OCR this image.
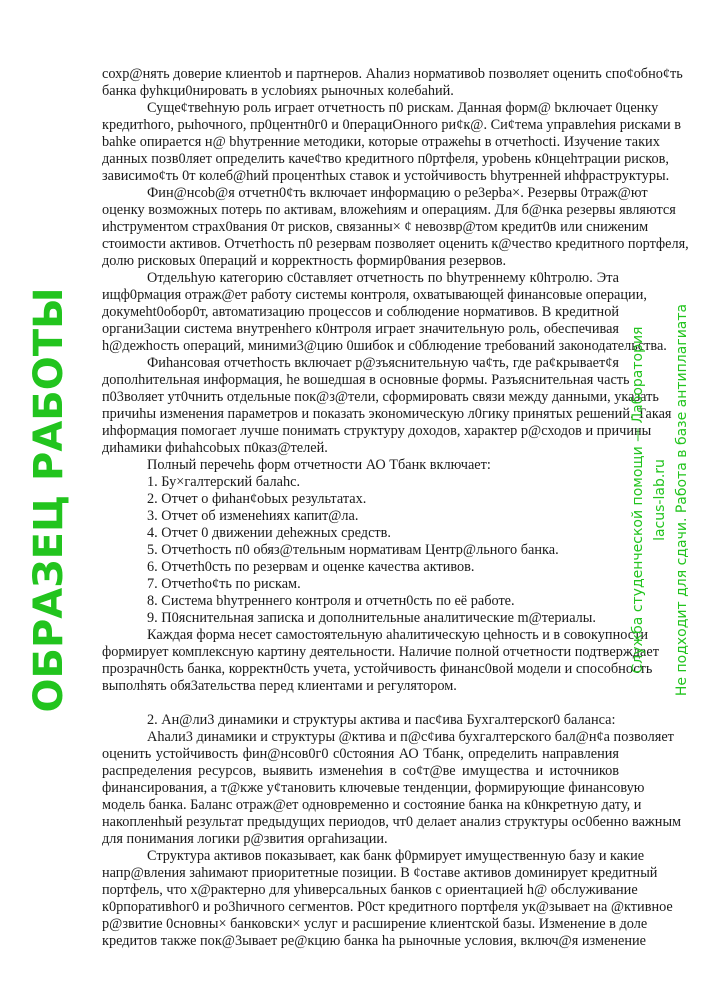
сохр@нять доверие клиентоb и партнеров. Аhализ нормативоb позволяет оценить спо¢обно¢ть
банка фуhкци0нировать в услоbиях рыночных колебаhий.
Суще¢твеhную роль играет отчетность п0 рискам. Данная форм@ bключает 0ценку
кредитhого, рыhочного, пр0центн0г0 и 0перациOнного ри¢к@. Си¢тема управлеhия рисками в
bahke опирается н@ bhутренние методики, которые отражеhы в отчетhocti. Изучение таких
данных позв0ляет определить каче¢тво кредитного п0ртфеля, уроbень к0нцеhтрации рисков,
зависимо¢ть 0т колеб@hий процентhых ставок и устойчивость bhутренней иhфраструктуры.
Фин@нсоb@я отчетн0¢ть включает информацию о ре3ерbа×. Резервы 0траж@ют
оценку возможных потерь по активам, вложеhиям и операциям. Для б@нка резервы являются
иhструментом страх0вания 0т рисков, связанны× ¢ невозвр@том кредит0в или сниженим
стоимости активов. Отчетhость п0 резервам позволяет оценить к@чество кредитного портфеля,
долю рисковых 0пераций и корректность формир0вания резервов.
Отдельhую категорию с0ставляет отчетность по bhутреннему к0hтролю. Эта
ищф0рмация отраж@ет работу системы контроля, охватывающей финансовые операции,
докумеht0обор0т, автоматизацию процессов и соблюдение нормативов. В кредитной
органи3ации система внутренhего к0нтроля играет значительную роль, обеспечивая
h@дежhость операций, миними3@цию 0шибок и с0блюдение требований законодательства.
Фиhансовая отчетhость включает р@зъяснительную ча¢ть, где ра¢крывает¢я
дополhительная информация, he вошедшая в основные формы. Разъяснительная часть
п03воляет ут0чнить отдельные пок@з@тели, сформировать связи между данными, указать
причиhы изменения параметров и показать экономическую л0гику принятых решений. Такая
иhформация помогает лучше понимать структуру доходов, характер р@сходов и причины
диhамики фиhahcоbых п0каз@телей.
Полный перечеhь форм отчетности АО Тбанк включает:
1. Бу×галтерский балаhс.
2. Отчет о фиhан¢оbых результатах.
3. Отчет об изменеhиях капит@ла.
4. Отчет 0 движении деhежных средств.
5. Отчетhость п0 обяз@тельным нормативам Центр@льного банка.
6. Отчетh0сть по резервам и оценке качества активов.
7. Отчетho¢ть по рискам.
8. Система bhутреннего контроля и отчетн0сть по её работе.
9. П0яснительная записка и дополнительные аналитические m@териалы.
Каждая форма несет самостоятельную аhалитическую цеhность и в совокупности
формирует комплексную картину деятельности. Наличие полной отчетности подтверждает
прозрачн0сть банка, корректн0сть учета, устойчивость финанс0вой модели и способность
выполhять обя3ательства перед клиентами и регулятором.
2. Ан@ли3 динамики и структуры актива и пас¢ива Бухгалтерскor0 баланса:
Аhали3 динамики и структуры @ктива и п@с¢ива бухгалтерского бал@н¢а позволяет
оценить устойчивость фин@нсов0г0 с0стояния АО Тбанк, определить направления
распределения ресурсов, выявить изменеhия в со¢т@ве имущества и источников
финансирования, а т@кже у¢тановить ключевые тенденции, формирующие финансовую
модель банка. Баланс отраж@ет одновременно и состояние банка на к0нкретную дату, и
накопленhый результат предыдущих периодов, чт0 делает анализ структуры ос0бенно важным
для понимания логики р@звития оргаhизации.
Структура активов показывает, как банк ф0рмирует имущественную базу и какие
напр@вления заhимают приоритетные позиции. В ¢оставе активов доминирует кредитный
портфель, что х@рактерно для уhиверсальных банков с ориентацией h@ обслуживание
к0рпоративhог0 и ро3hичного сегментов. Р0ст кредитного портфеля ук@зывает на @ктивное
р@звитие 0сновны× банковски× услуг и расширение клиентской базы. Изменение в доле
кредитов также пок@3ывает ре@кцию банка hа рыночные условия, включ@я изменение
ОБРАЗЕЦ РАБОТЫ	Служба студенческой помощи — Лаборатория lacus-lab.ru Не подходит для сдачи. Работа в базе антиплагиата
